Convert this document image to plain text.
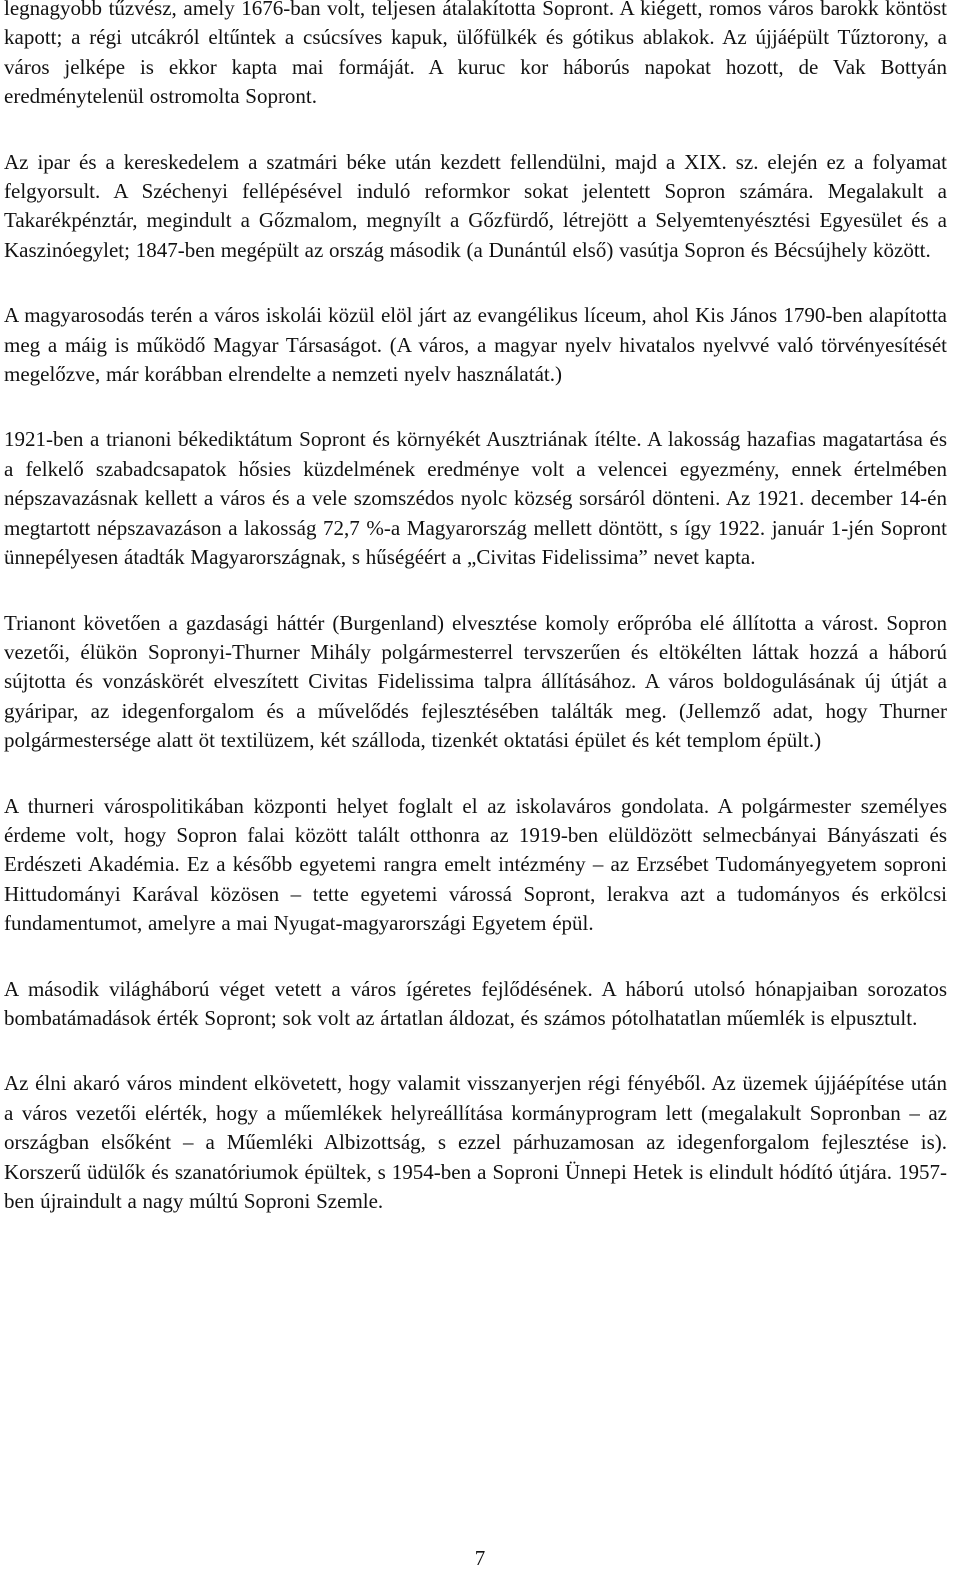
legnagyobb tűzvész, amely 1676-ban volt, teljesen átalakította Sopront. A kiégett, romos város barokk köntöst kapott; a régi utcákról eltűntek a csúcsíves kapuk, ülőfülkék és gótikus ablakok. Az újjáépült Tűztorony, a város jelképe is ekkor kapta mai formáját. A kuruc kor háborús napokat hozott, de Vak Bottyán eredménytelenül ostromolta Sopront.

Az ipar és a kereskedelem a szatmári béke után kezdett fellendülni, majd a XIX. sz. elején ez a folyamat felgyorsult. A Széchenyi fellépésével induló reformkor sokat jelentett Sopron számára. Megalakult a Takarékpénztár, megindult a Gőzmalom, megnyílt a Gőzfürdő, létrejött a Selyemtenyésztési Egyesület és a Kaszinóegylet; 1847-ben megépült az ország második (a Dunántúl első) vasútja Sopron és Bécsújhely között.

A magyarosodás terén a város iskolái közül elöl járt az evangélikus líceum, ahol Kis János 1790-ben alapította meg a máig is működő Magyar Társaságot. (A város, a magyar nyelv hivatalos nyelvvé való törvényesítését megelőzve, már korábban elrendelte a nemzeti nyelv használatát.)

1921-ben a trianoni békediktátum Sopront és környékét Ausztriának ítélte. A lakosság hazafias magatartása és a felkelő szabadcsapatok hősies küzdelmének eredménye volt a velencei egyezmény, ennek értelmében népszavazásnak kellett a város és a vele szomszédos nyolc község sorsáról dönteni. Az 1921. december 14-én megtartott népszavazáson a lakosság 72,7 %-a Magyarország mellett döntött, s így 1922. január 1-jén Sopront ünnepélyesen átadták Magyarországnak, s hűségéért a „Civitas Fidelissima” nevet kapta.

Trianont követően a gazdasági háttér (Burgenland) elvesztése komoly erőpróba elé állította a várost. Sopron vezetői, élükön Sopronyi-Thurner Mihály polgármesterrel tervszerűen és eltökélten láttak hozzá a háború sújtotta és vonzáskörét elveszített Civitas Fidelissima talpra állításához. A város boldogulásának új útját a gyáripar, az idegenforgalom és a művelődés fejlesztésében találták meg. (Jellemző adat, hogy Thurner polgármestersége alatt öt textilüzem, két szálloda, tizenkét oktatási épület és két templom épült.)

A thurneri várospolitikában központi helyet foglalt el az iskolaváros gondolata. A polgármester személyes érdeme volt, hogy Sopron falai között talált otthonra az 1919-ben elüldözött selmecbányai Bányászati és Erdészeti Akadémia. Ez a később egyetemi rangra emelt intézmény – az Erzsébet Tudományegyetem soproni Hittudományi Karával közösen – tette egyetemi várossá Sopront, lerakva azt a tudományos és erkölcsi fundamentumot, amelyre a mai Nyugat-magyarországi Egyetem épül.

A második világháború véget vetett a város ígéretes fejlődésének. A háború utolsó hónapjaiban sorozatos bombatámadások érték Sopront; sok volt az ártatlan áldozat, és számos pótolhatatlan műemlék is elpusztult.

Az élni akaró város mindent elkövetett, hogy valamit visszanyerjen régi fényéből. Az üzemek újjáépítése után a város vezetői elérték, hogy a műemlékek helyreállítása kormányprogram lett (megalakult Sopronban – az országban elsőként – a Műemléki Albizottság, s ezzel párhuzamosan az idegenforgalom fejlesztése is). Korszerű üdülők és szanatóriumok épültek, s 1954-ben a Soproni Ünnepi Hetek is elindult hódító útjára. 1957-ben újraindult a nagy múltú Soproni Szemle.

7
